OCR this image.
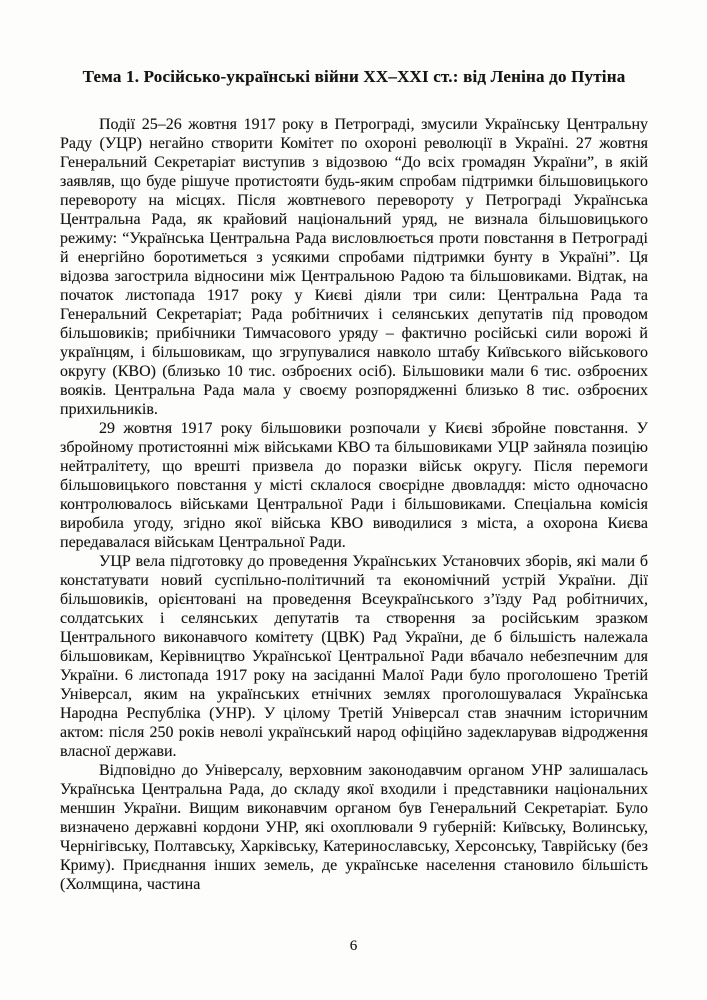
Тема 1. Російсько-українські війни ХХ–ХХІ ст.: від Леніна до Путіна

Події 25–26 жовтня 1917 року в Петрограді, змусили Українську Центральну Раду (УЦР) негайно створити Комітет по охороні революції в Україні. 27 жовтня Генеральний Секретаріат виступив з відозвою “До всіх громадян України”, в якій заявляв, що буде рішуче протистояти будь-яким спробам підтримки більшовицького перевороту на місцях. Після жовтневого перевороту у Петрограді Українська Центральна Рада, як крайовий національний уряд, не визнала більшовицького режиму: “Українська Центральна Рада висловлюється проти повстання в Петрограді й енергійно боротиметься з усякими спробами підтримки бунту в Україні”. Ця відозва загострила відносини між Центральною Радою та більшовиками. Відтак, на початок листопада 1917 року у Києві діяли три сили: Центральна Рада та Генеральний Секретаріат; Рада робітничих і селянських депутатів під проводом більшовиків; прибічники Тимчасового уряду – фактично російські сили ворожі й українцям, і більшовикам, що згрупувалися навколо штабу Київського військового округу (КВО) (близько 10 тис. озброєних осіб). Більшовики мали 6 тис. озброєних вояків. Центральна Рада мала у своєму розпорядженні близько 8 тис. озброєних прихильників.

29 жовтня 1917 року більшовики розпочали у Києві збройне повстання. У збройному протистоянні між військами КВО та більшовиками УЦР зайняла позицію нейтралітету, що врешті призвела до поразки військ округу. Після перемоги більшовицького повстання у місті склалося своєрідне двовладдя: місто одночасно контролювалось військами Центральної Ради і більшовиками. Спеціальна комісія виробила угоду, згідно якої війська КВО виводилися з міста, а охорона Києва передавалася військам Центральної Ради.

УЦР вела підготовку до проведення Українських Установчих зборів, які мали б констатувати новий суспільно-політичний та економічний устрій України. Дії більшовиків, орієнтовані на проведення Всеукраїнського з’їзду Рад робітничих, солдатських і селянських депутатів та створення за російським зразком Центрального виконавчого комітету (ЦВК) Рад України, де б більшість належала більшовикам, Керівництво Української Центральної Ради вбачало небезпечним для України. 6 листопада 1917 року на засіданні Малої Ради було проголошено Третій Універсал, яким на українських етнічних землях проголошувалася Українська Народна Республіка (УНР). У цілому Третій Універсал став значним історичним актом: після 250 років неволі український народ офіційно задекларував відродження власної держави.

Відповідно до Універсалу, верховним законодавчим органом УНР залишалась Українська Центральна Рада, до складу якої входили і представники національних меншин України. Вищим виконавчим органом був Генеральний Секретаріат. Було визначено державні кордони УНР, які охоплювали 9 губерній: Київську, Волинську, Чернігівську, Полтавську, Харківську, Катеринославську, Херсонську, Таврійську (без Криму). Приєднання інших земель, де українське населення становило більшість (Холмщина, частина

6
